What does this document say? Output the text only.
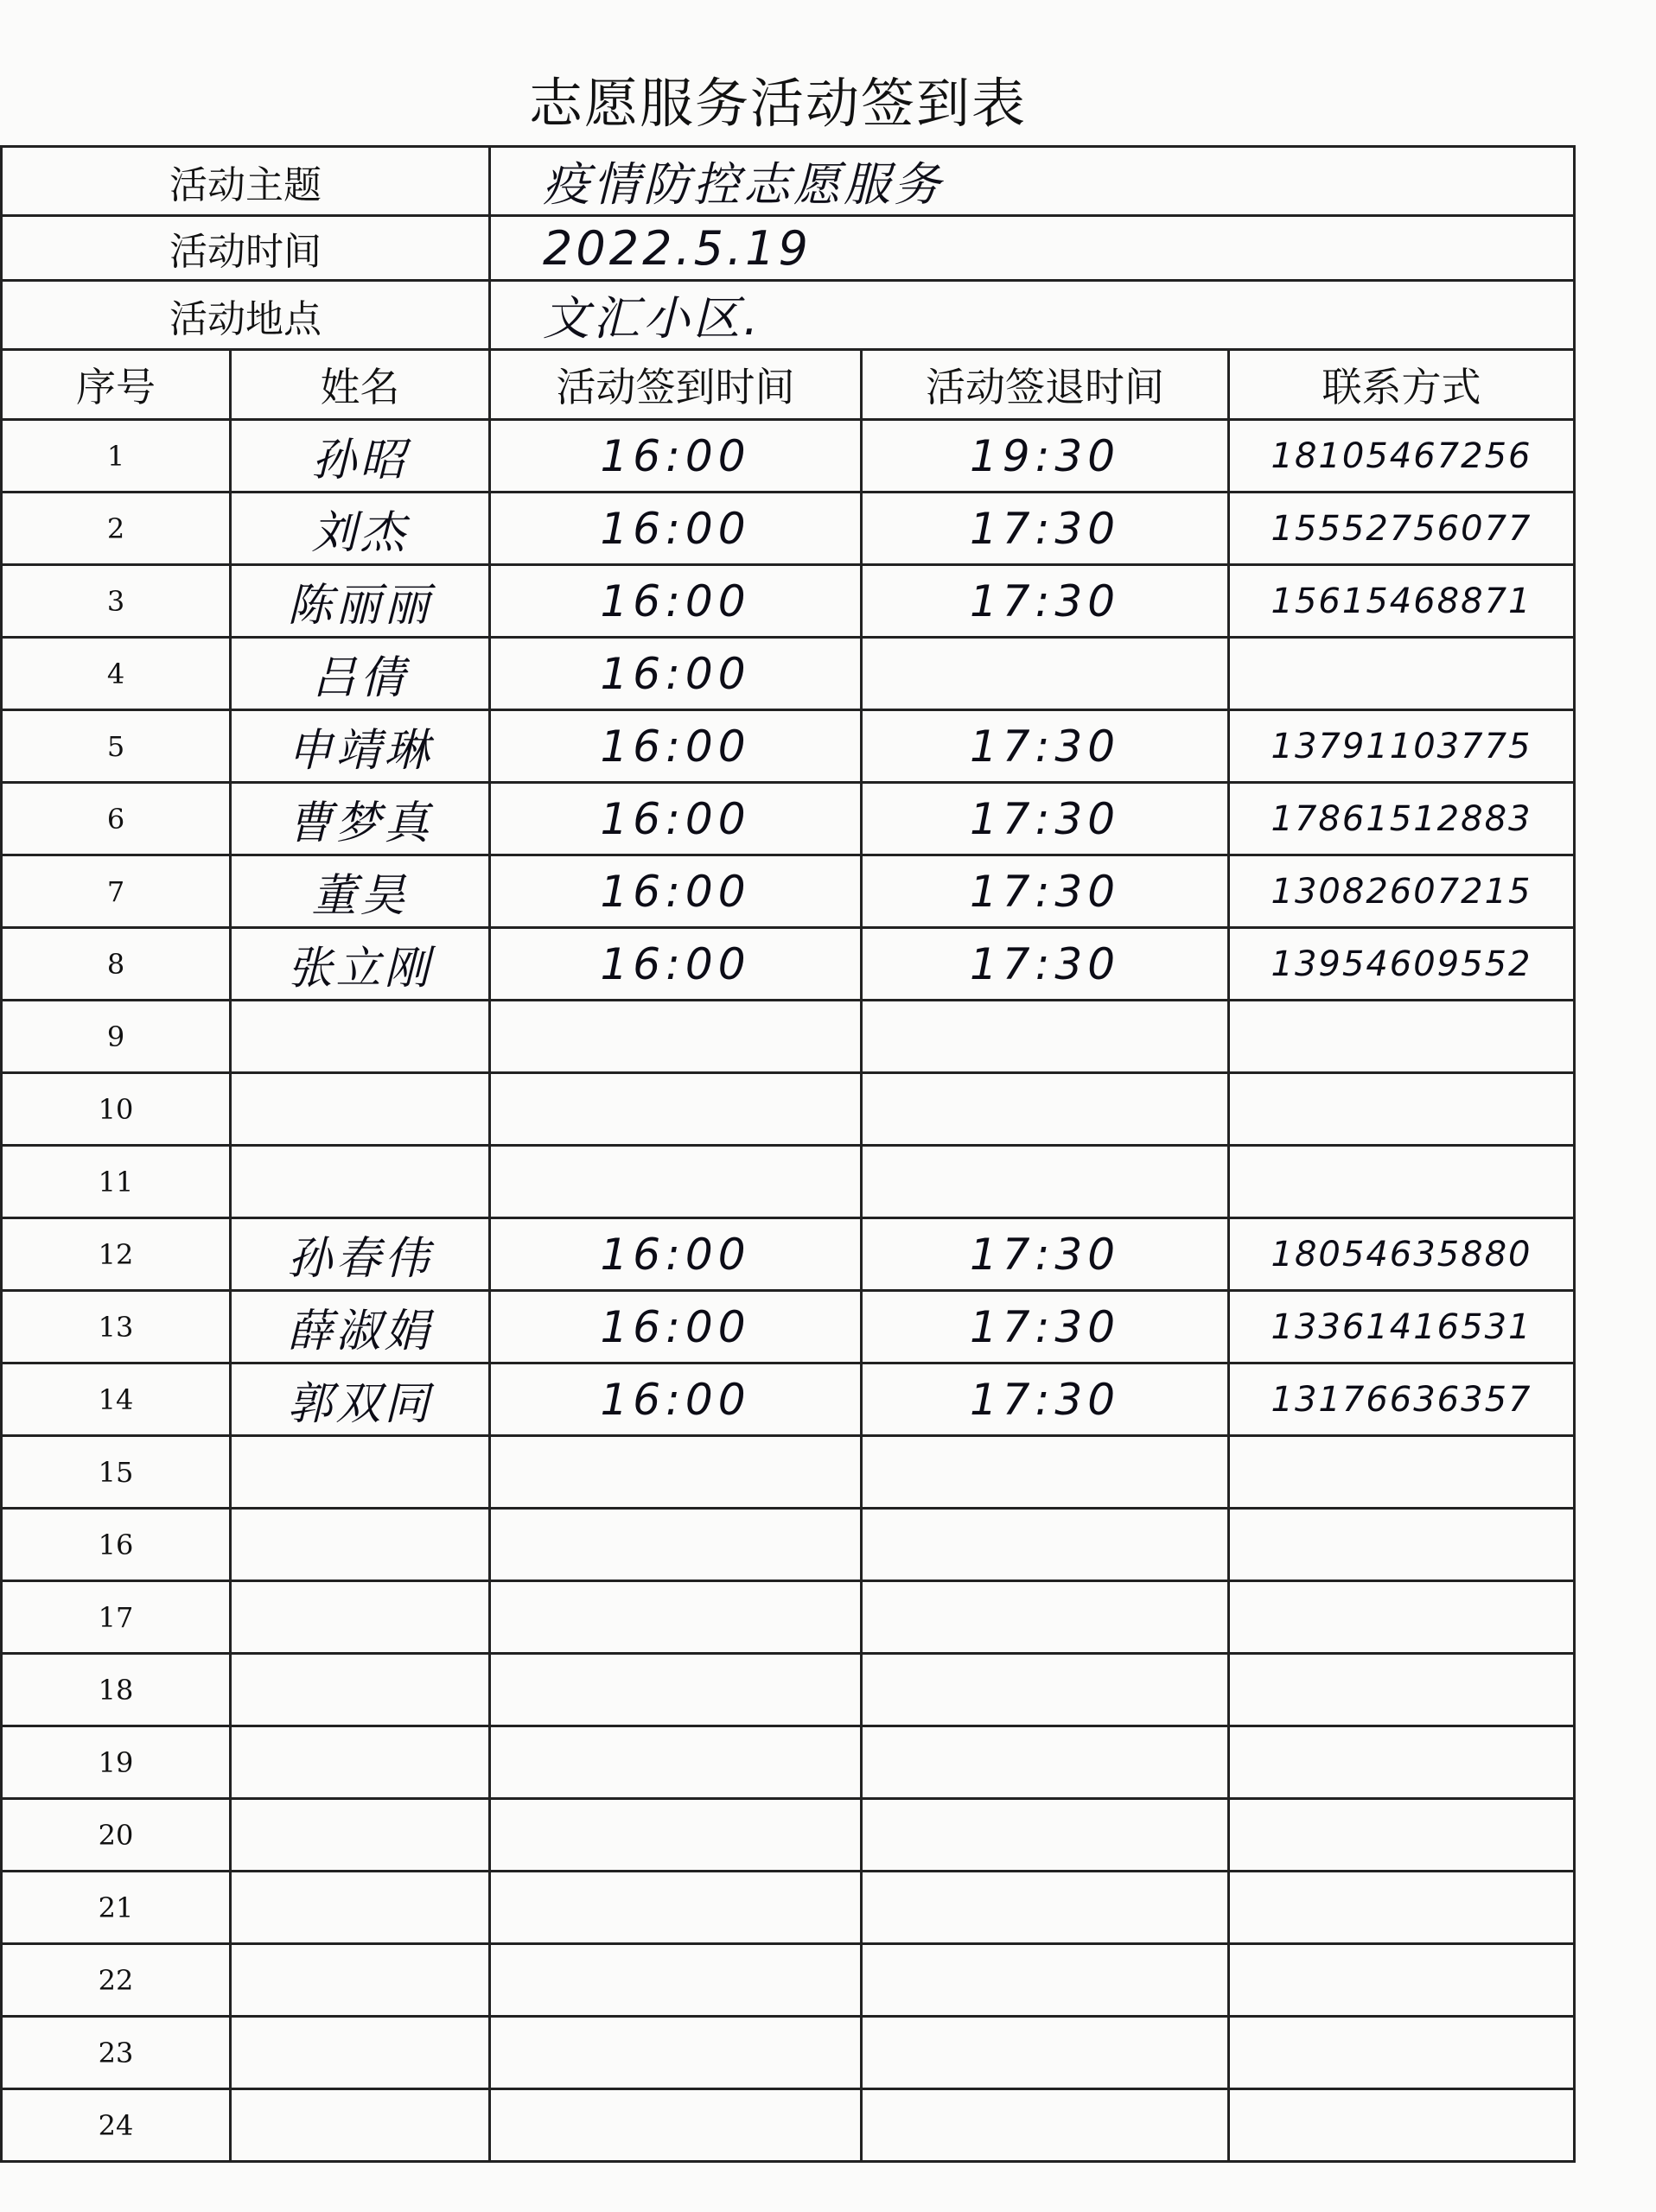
志愿服务活动签到表
活动主题		疫情防控志愿服务		
活动时间		2022.5.19		
活动地点		文汇小区.		
序号	姓名	活动签到时间	活动签退时间	联系方式
1	孙昭	16:00	19:30	18105467256
2	刘杰	16:00	17:30	15552756077
3	陈丽丽	16:00	17:30	15615468871
4	吕倩	16:00		
5	申靖琳	16:00	17:30	13791103775
6	曹梦真	16:00	17:30	17861512883
7	董昊	16:00	17:30	13082607215
8	张立刚	16:00	17:30	13954609552
9				
10				
11				
12	孙春伟	16:00	17:30	18054635880
13	薛淑娟	16:00	17:30	13361416531
14	郭双同	16:00	17:30	13176636357
15				
16				
17				
18				
19				
20				
21				
22				
23				
24				
